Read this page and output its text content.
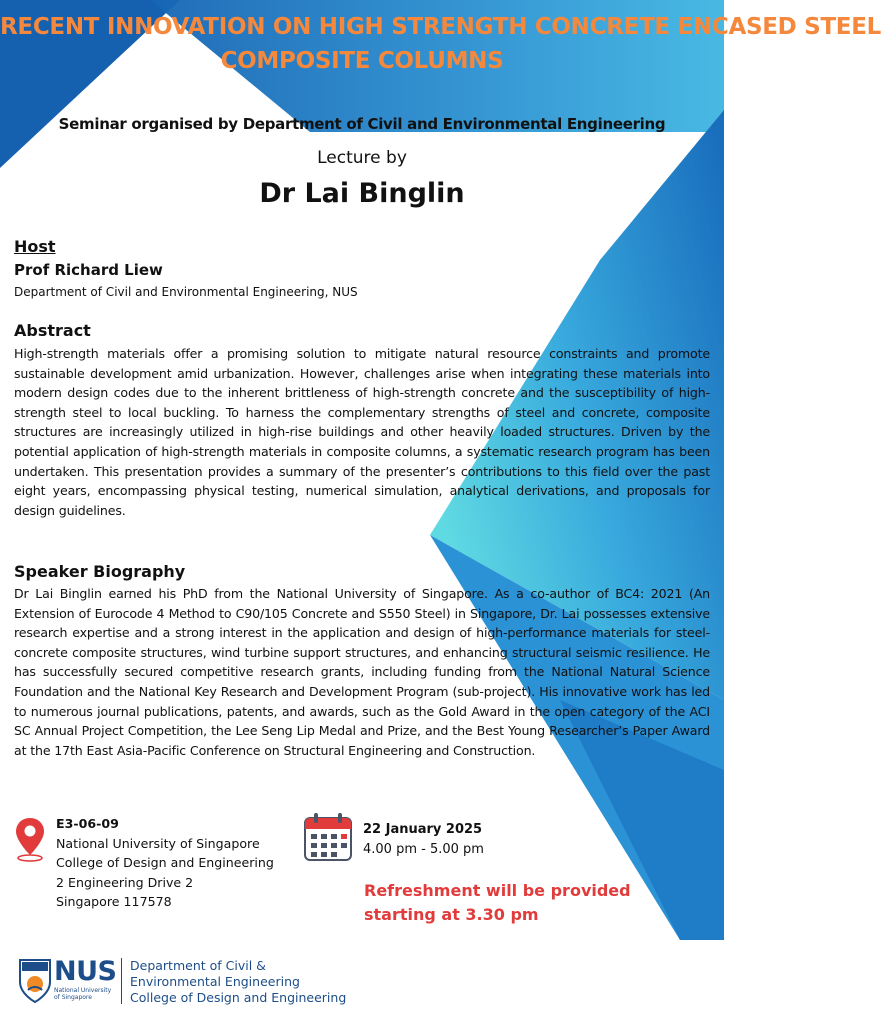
RECENT INNOVATION ON HIGH STRENGTH CONCRETE ENCASED STEEL
COMPOSITE COLUMNS
Seminar organised by Department of Civil and Environmental Engineering
Lecture by
Dr Lai Binglin
Host
Prof Richard Liew
Department of Civil and Environmental Engineering, NUS
Abstract
High-strength materials offer a promising solution to mitigate natural resource constraints and promote sustainable development amid urbanization. However, challenges arise when integrating these materials into modern design codes due to the inherent brittleness of high-strength concrete and the susceptibility of high-strength steel to local buckling. To harness the complementary strengths of steel and concrete, composite structures are increasingly utilized in high-rise buildings and other heavily loaded structures. Driven by the potential application of high-strength materials in composite columns, a systematic research program has been undertaken. This presentation provides a summary of the presenter’s contributions to this field over the past eight years, encompassing physical testing, numerical simulation, analytical derivations, and proposals for design guidelines.
Speaker Biography
Dr Lai Binglin earned his PhD from the National University of Singapore. As a co-author of BC4: 2021 (An Extension of Eurocode 4 Method to C90/105 Concrete and S550 Steel) in Singapore, Dr. Lai possesses extensive research expertise and a strong interest in the application and design of high-performance materials for steel-concrete composite structures, wind turbine support structures, and enhancing structural seismic resilience. He has successfully secured competitive research grants, including funding from the National Natural Science Foundation and the National Key Research and Development Program (sub-project). His innovative work has led to numerous journal publications, patents, and awards, such as the Gold Award in the open category of the ACI SC Annual Project Competition, the Lee Seng Lip Medal and Prize, and the Best Young Researcher’s Paper Award at the 17th East Asia-Pacific Conference on Structural Engineering and Construction.
E3-06-09
National University of Singapore
College of Design and Engineering
2 Engineering Drive 2
Singapore 117578
22 January 2025
4.00 pm - 5.00 pm
Refreshment will be provided
starting at 3.30 pm
NUS
National University
of Singapore
Department of Civil &
Environmental Engineering
College of Design and Engineering
